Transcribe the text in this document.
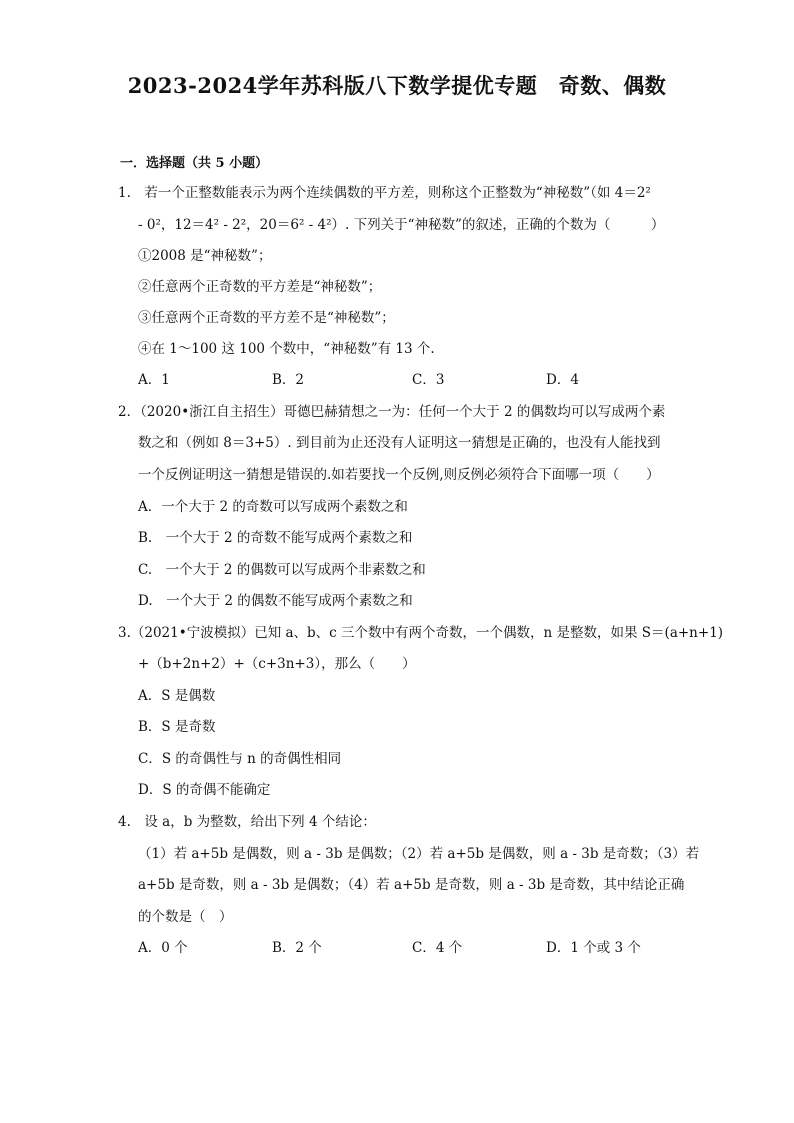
2023-2024学年苏科版八下数学提优专题　奇数、偶数
一．选择题（共 5 小题）
1.　若一个正整数能表示为两个连续偶数的平方差，则称这个正整数为“神秘数”（如 4＝2²
- 0²，12＝4² - 2²，20＝6² - 4²）. 下列关于“神秘数”的叙述，正确的个数为（　　　）
①2008 是“神秘数”；
②任意两个正奇数的平方差是“神秘数”；
③任意两个正奇数的平方差不是“神秘数”；
④在 1～100 这 100 个数中，“神秘数”有 13 个.
A．1	B．2	C．3	D．4
2．（2020•浙江自主招生）哥德巴赫猜想之一为：任何一个大于 2 的偶数均可以写成两个素
数之和（例如 8＝3+5）. 到目前为止还没有人证明这一猜想是正确的，也没有人能找到
一个反例证明这一猜想是错误的.如若要找一个反例,则反例必须符合下面哪一项（　　）
A．一个大于 2 的奇数可以写成两个素数之和
B.　一个大于 2 的奇数不能写成两个素数之和
C.　一个大于 2 的偶数可以写成两个非素数之和
D.　一个大于 2 的偶数不能写成两个素数之和
3.（2021•宁波模拟）已知 a、b、c 三个数中有两个奇数，一个偶数，n 是整数，如果 S＝(a+n+1)
+（b+2n+2）+（c+3n+3），那么（　　）
A．S 是偶数
B．S 是奇数
C．S 的奇偶性与 n 的奇偶性相同
D．S 的奇偶不能确定
4.　设 a，b 为整数，给出下列 4 个结论：
（1）若 a+5b 是偶数，则 a - 3b 是偶数；（2）若 a+5b 是偶数，则 a - 3b 是奇数；（3）若
a+5b 是奇数，则 a - 3b 是偶数；（4）若 a+5b 是奇数，则 a - 3b 是奇数，其中结论正确
的个数是（　）
A．0 个	B．2 个	C．4 个	D．1 个或 3 个
